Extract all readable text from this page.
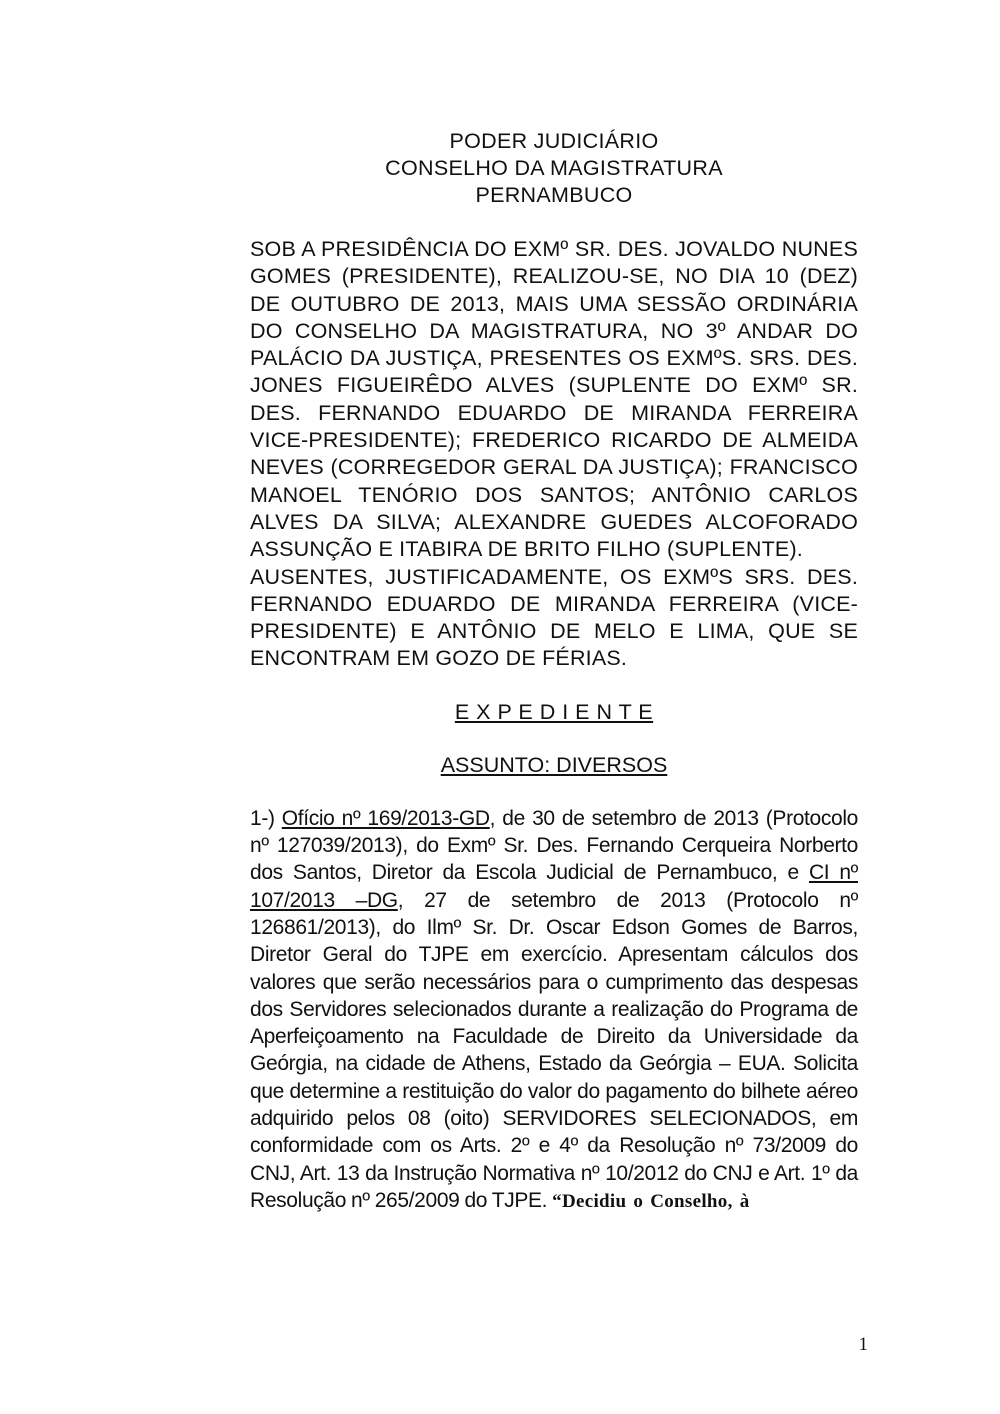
PODER JUDICIÁRIO
CONSELHO DA MAGISTRATURA
PERNAMBUCO

SOB A PRESIDÊNCIA DO EXMº SR. DES. JOVALDO NUNES GOMES (PRESIDENTE), REALIZOU-SE, NO DIA 10 (DEZ) DE OUTUBRO DE 2013, MAIS UMA SESSÃO ORDINÁRIA DO CONSELHO DA MAGISTRATURA, NO 3º ANDAR DO PALÁCIO DA JUSTIÇA, PRESENTES OS EXMºS. SRS. DES. JONES FIGUEIRÊDO ALVES (SUPLENTE DO EXMº SR. DES. FERNANDO EDUARDO DE MIRANDA FERREIRA VICE-PRESIDENTE); FREDERICO RICARDO DE ALMEIDA NEVES (CORREGEDOR GERAL DA JUSTIÇA); FRANCISCO MANOEL TENÓRIO DOS SANTOS; ANTÔNIO CARLOS ALVES DA SILVA; ALEXANDRE GUEDES ALCOFORADO ASSUNÇÃO E ITABIRA DE BRITO FILHO (SUPLENTE).

AUSENTES, JUSTIFICADAMENTE, OS EXMºS SRS. DES. FERNANDO EDUARDO DE MIRANDA FERREIRA (VICE-PRESIDENTE) E ANTÔNIO DE MELO E LIMA, QUE SE ENCONTRAM EM GOZO DE FÉRIAS.

E X P E D I E N T E
ASSUNTO: DIVERSOS
1-) Ofício nº 169/2013-GD, de 30 de setembro de 2013 (Protocolo nº 127039/2013), do Exmº Sr. Des. Fernando Cerqueira Norberto dos Santos, Diretor da Escola Judicial de Pernambuco, e CI nº 107/2013 –DG, 27 de setembro de 2013 (Protocolo nº 126861/2013), do Ilmº Sr. Dr. Oscar Edson Gomes de Barros, Diretor Geral do TJPE em exercício. Apresentam cálculos dos valores que serão necessários para o cumprimento das despesas dos Servidores selecionados durante a realização do Programa de Aperfeiçoamento na Faculdade de Direito da Universidade da Geórgia, na cidade de Athens, Estado da Geórgia – EUA. Solicita que determine a restituição do valor do pagamento do bilhete aéreo adquirido pelos 08 (oito) SERVIDORES SELECIONADOS, em conformidade com os Arts. 2º e 4º da Resolução nº 73/2009 do CNJ, Art. 13 da Instrução Normativa nº 10/2012 do CNJ e Art. 1º da Resolução nº 265/2009 do TJPE. “Decidiu o Conselho, à
1
